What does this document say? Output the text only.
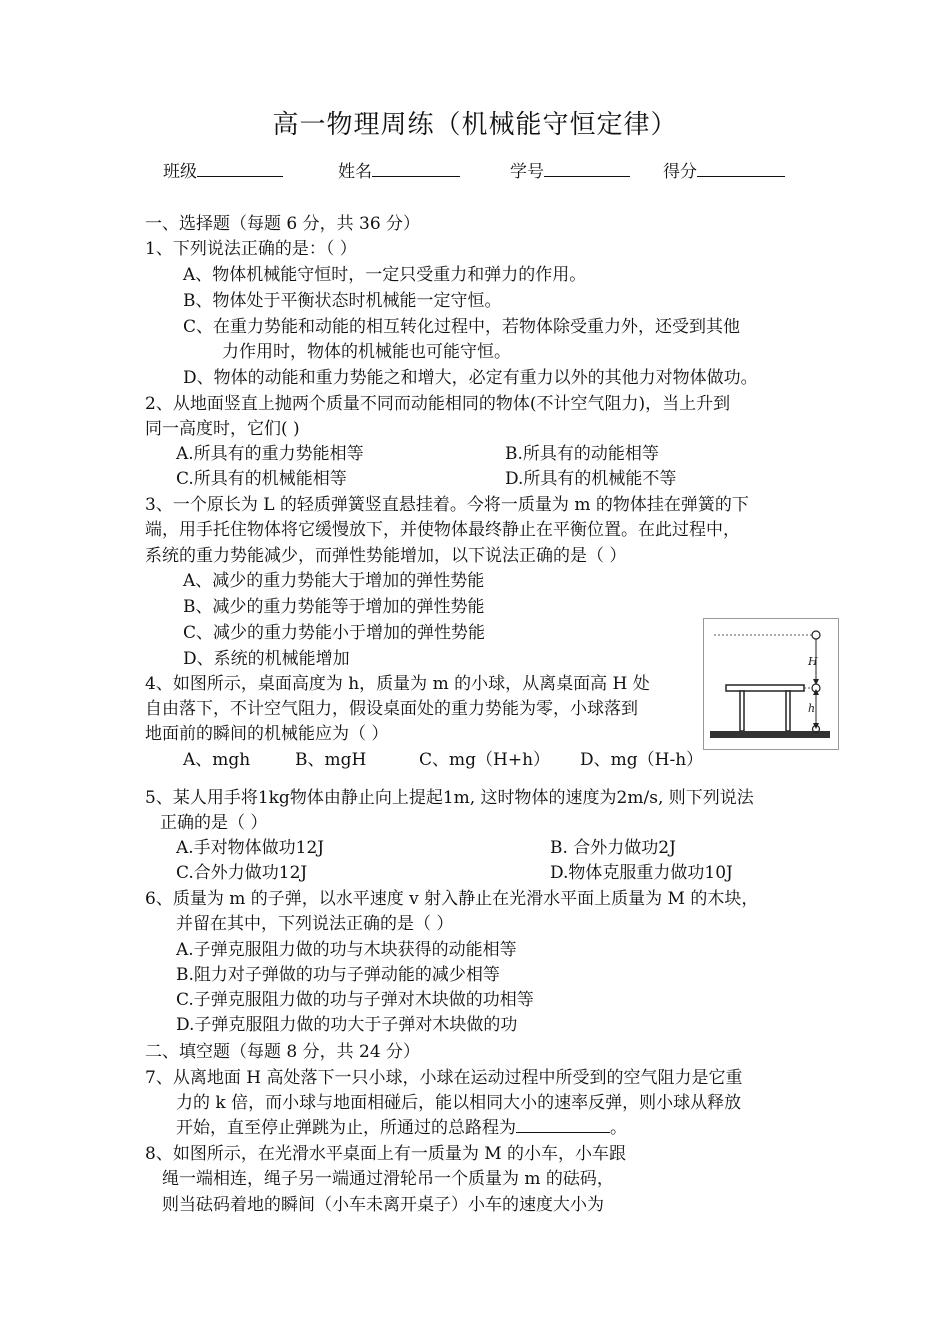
高一物理周练（机械能守恒定律）
班级	姓名	学号	得分
一、选择题（每题 6 分，共 36 分）
1、下列说法正确的是：（ ）
A、物体机械能守恒时，一定只受重力和弹力的作用。
B、物体处于平衡状态时机械能一定守恒。
C、在重力势能和动能的相互转化过程中，若物体除受重力外，还受到其他
力作用时，物体的机械能也可能守恒。
D、物体的动能和重力势能之和增大，必定有重力以外的其他力对物体做功。
2、从地面竖直上抛两个质量不同而动能相同的物体(不计空气阻力)，当上升到
同一高度时，它们( )
A.所具有的重力势能相等	B.所具有的动能相等
C.所具有的机械能相等	D.所具有的机械能不等
3、一个原长为 L 的轻质弹簧竖直悬挂着。今将一质量为 m 的物体挂在弹簧的下
端，用手托住物体将它缓慢放下，并使物体最终静止在平衡位置。在此过程中，
系统的重力势能减少，而弹性势能增加，以下说法正确的是（ ）
A、减少的重力势能大于增加的弹性势能
B、减少的重力势能等于增加的弹性势能
C、减少的重力势能小于增加的弹性势能
D、系统的机械能增加	H
h
4、如图所示，桌面高度为 h，质量为 m 的小球，从离桌面高 H 处
自由落下，不计空气阻力，假设桌面处的重力势能为零，小球落到
地面前的瞬间的机械能应为（ ）
A、mgh	B、mgH	C、mg（H+h） D、mg（H-h）
5、某人用手将1kg物体由静止向上提起1m, 这时物体的速度为2m/s, 则下列说法
正确的是（ ）
A.手对物体做功12J	B. 合外力做功2J
C.合外力做功12J	D.物体克服重力做功10J
6、质量为 m 的子弹，以水平速度 v 射入静止在光滑水平面上质量为 M 的木块，
并留在其中，下列说法正确的是（ ）
A.子弹克服阻力做的功与木块获得的动能相等
B.阻力对子弹做的功与子弹动能的减少相等
C.子弹克服阻力做的功与子弹对木块做的功相等
D.子弹克服阻力做的功大于子弹对木块做的功
二、填空题（每题 8 分，共 24 分）
7、从离地面 H 高处落下一只小球，小球在运动过程中所受到的空气阻力是它重
力的 k 倍，而小球与地面相碰后，能以相同大小的速率反弹，则小球从释放
开始，直至停止弹跳为止，所通过的总路程为	。
8、如图所示，在光滑水平桌面上有一质量为 M 的小车，小车跟
绳一端相连，绳子另一端通过滑轮吊一个质量为 m 的砝码，
则当砝码着地的瞬间（小车未离开桌子）小车的速度大小为
